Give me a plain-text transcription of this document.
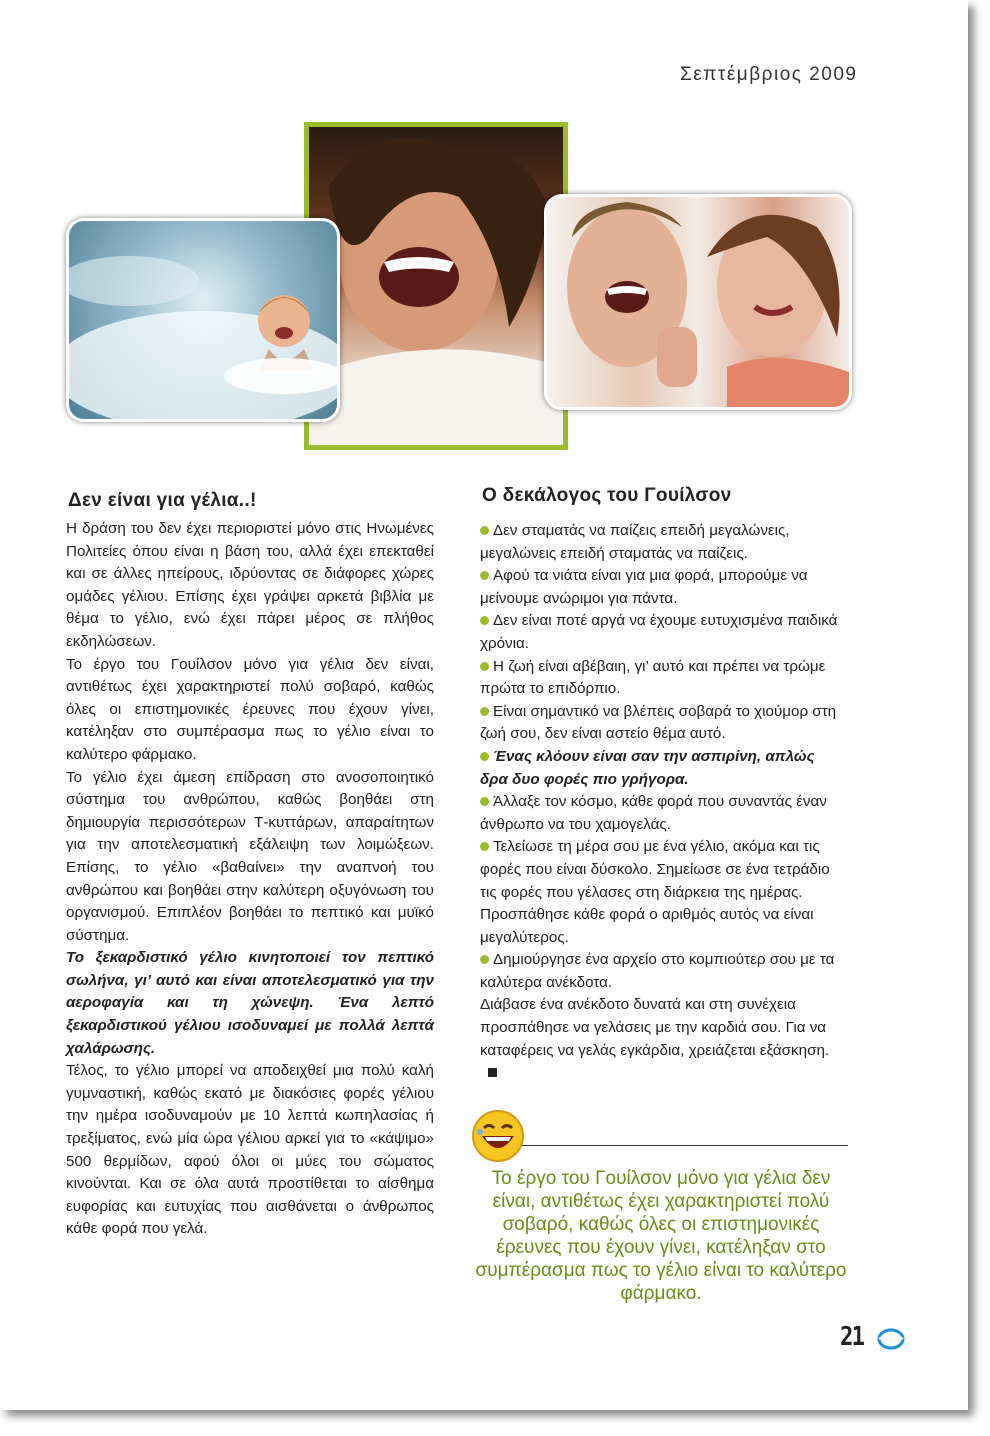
Σεπτέμβριος 2009
Δεν είναι για γέλια..!

Η δράση του δεν έχει περιοριστεί μόνο στις Ηνωμένες Πολιτείες όπου είναι η βάση του, αλλά έχει επεκταθεί και σε άλλες ηπείρους, ιδρύοντας σε διάφορες χώρες ομάδες γέλιου. Επίσης έχει γράψει αρκετά βιβλία με θέμα το γέλιο, ενώ έχει πάρει μέρος σε πλήθος εκδηλώσεων.

Το έργο του Γουίλσον μόνο για γέλια δεν είναι, αντιθέτως έχει χαρακτηριστεί πολύ σοβαρό, καθώς όλες οι επιστημονικές έρευνες που έχουν γίνει, κατέληξαν στο συμπέρασμα πως το γέλιο είναι το καλύτερο φάρμακο.

Το γέλιο έχει άμεση επίδραση στο ανοσοποιητικό σύστημα του ανθρώπου, καθώς βοηθάει στη δημιουργία περισσότερων Τ-κυττάρων, απαραίτητων για την αποτελεσματική εξάλειψη των λοιμώξεων. Επίσης, το γέλιο «βαθαίνει» την αναπνοή του ανθρώπου και βοηθάει στην καλύτερη οξυγόνωση του οργανισμού. Επιπλέον βοηθάει το πεπτικό και μυϊκό σύστημα.

Το ξεκαρδιστικό γέλιο κινητοποιεί τον πεπτικό σωλήνα, γι’ αυτό και είναι αποτελεσματικό για την αεροφαγία και τη χώνεψη. Ένα λεπτό ξεκαρδιστικού γέλιου ισοδυναμεί με πολλά λεπτά χαλάρωσης.

Τέλος, το γέλιο μπορεί να αποδειχθεί μια πολύ καλή γυμναστική, καθώς εκατό με διακόσιες φορές γέλιου την ημέρα ισοδυναμούν με 10 λεπτά κωπηλασίας ή τρεξίματος, ενώ μία ώρα γέλιου αρκεί για το «κάψιμο» 500 θερμίδων, αφού όλοι οι μύες του σώματος κινούνται. Και σε όλα αυτά προστίθεται το αίσθημα ευφορίας και ευτυχίας που αισθάνεται ο άνθρωπος κάθε φορά που γελά.

Ο δεκάλογος του Γουίλσον

Δεν σταματάς να παίζεις επειδή μεγαλώνεις, μεγαλώνεις επειδή σταματάς να παίζεις.

Αφού τα νιάτα είναι για μια φορά, μπορούμε να μείνουμε ανώριμοι για πάντα.

Δεν είναι ποτέ αργά να έχουμε ευτυχισμένα παιδικά χρόνια.

Η ζωή είναι αβέβαιη, γι’ αυτό και πρέπει να τρώμε πρώτα το επιδόρπιο.

Είναι σημαντικό να βλέπεις σοβαρά το χιούμορ στη ζωή σου, δεν είναι αστείο θέμα αυτό.

Ένας κλόουν είναι σαν την ασπιρίνη, απλώς δρα δυο φορές πιο γρήγορα.

Άλλαξε τον κόσμο, κάθε φορά που συναντάς έναν άνθρωπο να του χαμογελάς.

Τελείωσε τη μέρα σου με ένα γέλιο, ακόμα και τις φορές που είναι δύσκολο. Σημείωσε σε ένα τετράδιο τις φορές που γέλασες στη διάρκεια της ημέρας. Προσπάθησε κάθε φορά ο αριθμός αυτός να είναι μεγαλύτερος.

Δημιούργησε ένα αρχείο στο κομπιούτερ σου με τα καλύτερα ανέκδοτα.

Διάβασε ένα ανέκδοτο δυνατά και στη συνέχεια προσπάθησε να γελάσεις με την καρδιά σου. Για να καταφέρεις να γελάς εγκάρδια, χρειάζεται εξάσκηση.

Το έργο του Γουίλσον μόνο για γέλια δεν είναι, αντιθέτως έχει χαρακτηριστεί πολύ σοβαρό, καθώς όλες οι επιστημονικές έρευνες που έχουν γίνει, κατέληξαν στο συμπέρασμα πως το γέλιο είναι το καλύτερο φάρμακο.
21
